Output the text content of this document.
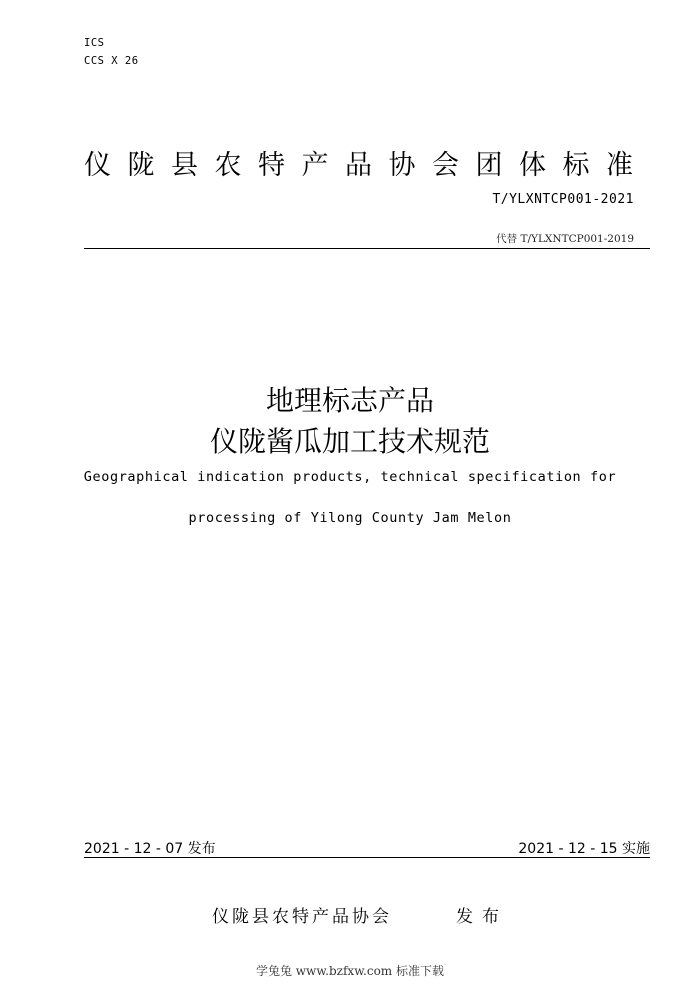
ICS
CCS X 26
仪陇县农特产品协会团体标准
T/YLXNTCP001-2021
代替 T/YLXNTCP001-2019
地理标志产品
仪陇酱瓜加工技术规范
Geographical indication products, technical specification for
processing of Yilong County Jam Melon
2021 - 12 - 07 发布	2021 - 12 - 15 实施
仪陇县农特产品协会	发布
学兔兔 www.bzfxw.com 标准下载
